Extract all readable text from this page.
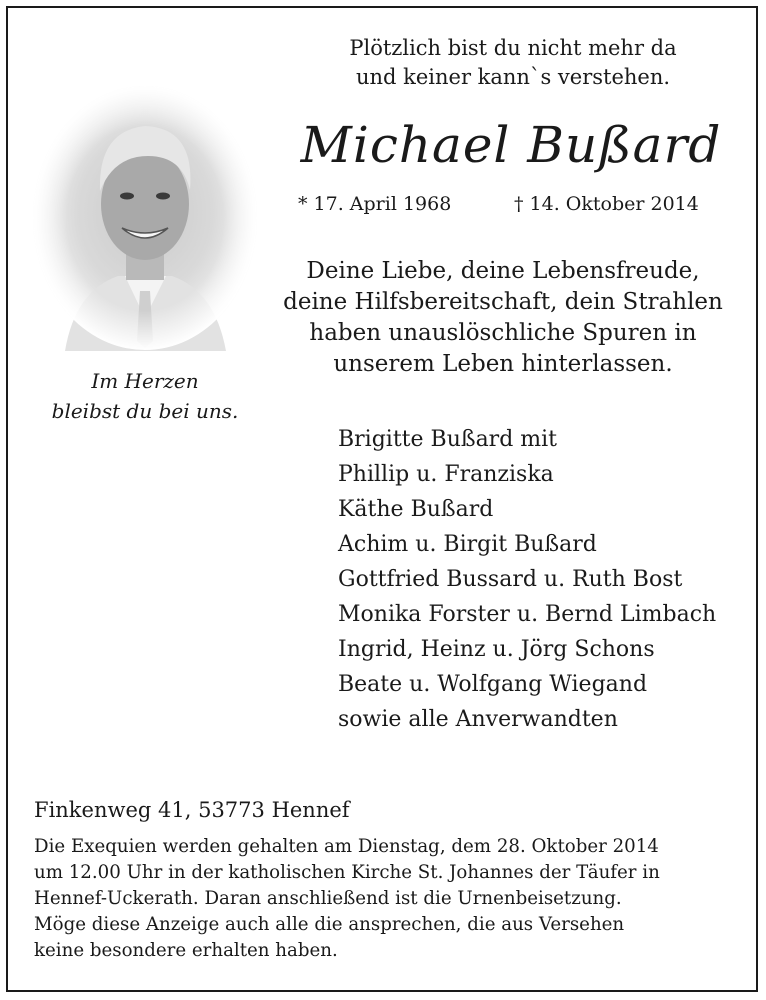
Plötzlich bist du nicht mehr da
und keiner kann`s verstehen.
Michael Bußard
* 17. April 1968	† 14. Oktober 2014
Im Herzen
bleibst du bei uns.
Deine Liebe, deine Lebensfreude,
deine Hilfsbereitschaft, dein Strahlen
haben unauslöschliche Spuren in
unserem Leben hinterlassen.
Brigitte Bußard mit
Phillip u. Franziska
Käthe Bußard
Achim u. Birgit Bußard
Gottfried Bussard u. Ruth Bost
Monika Forster u. Bernd Limbach
Ingrid, Heinz u. Jörg Schons
Beate u. Wolfgang Wiegand
sowie alle Anverwandten
Finkenweg 41, 53773 Hennef
Die Exequien werden gehalten am Dienstag, dem 28. Oktober 2014
um 12.00 Uhr in der katholischen Kirche St. Johannes der Täufer in
Hennef-Uckerath. Daran anschließend ist die Urnenbeisetzung.
Möge diese Anzeige auch alle die ansprechen, die aus Versehen
keine besondere erhalten haben.
